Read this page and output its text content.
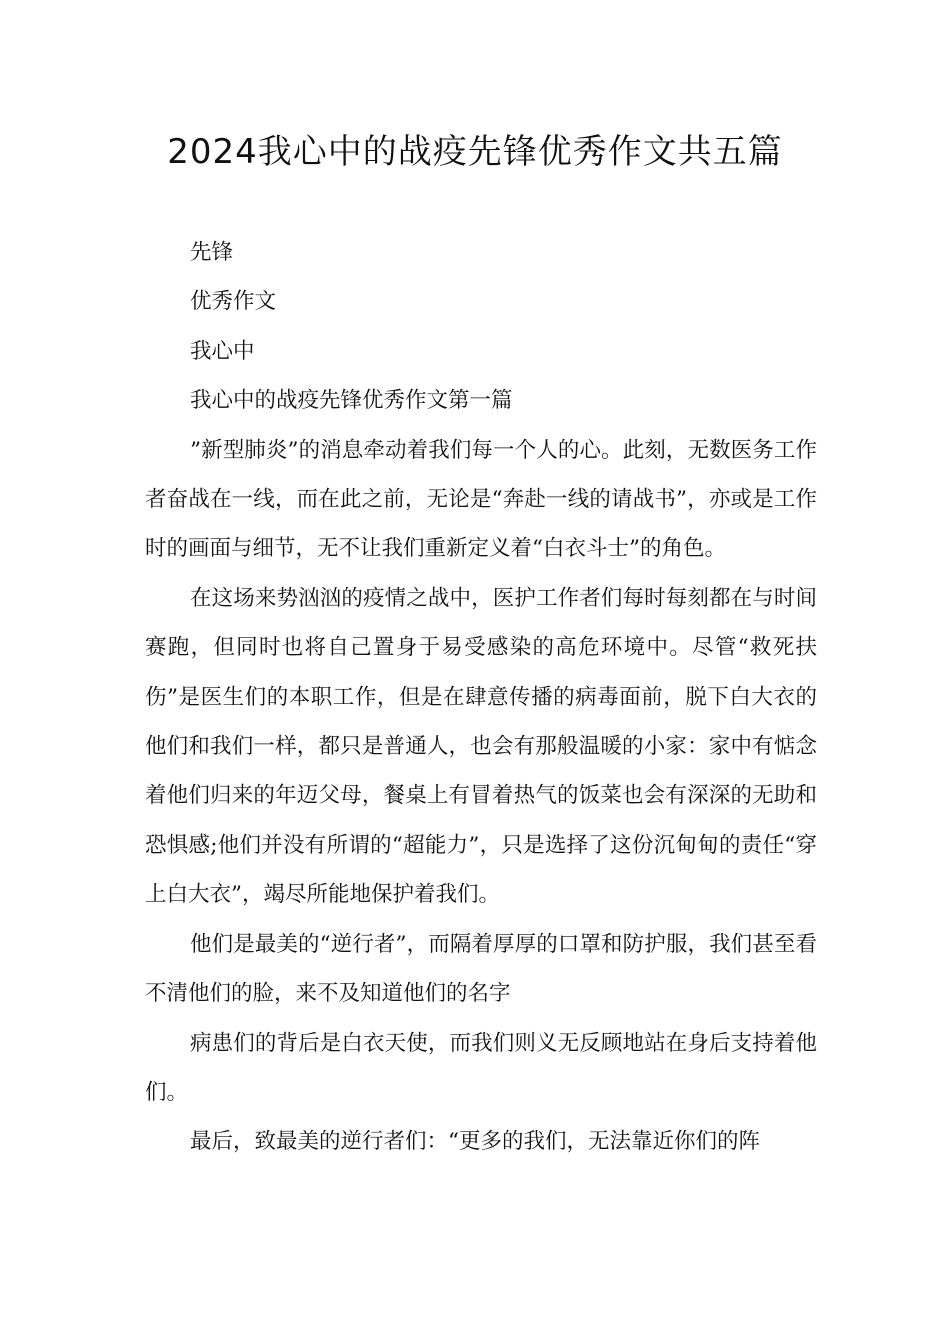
2024我心中的战疫先锋优秀作文共五篇

先锋

优秀作文

我心中

我心中的战疫先锋优秀作文第一篇

”新型肺炎”的消息牵动着我们每一个人的心。此刻，无数医务工作者奋战在一线，而在此之前，无论是“奔赴一线的请战书”，亦或是工作时的画面与细节，无不让我们重新定义着“白衣斗士”的角色。

在这场来势汹汹的疫情之战中，医护工作者们每时每刻都在与时间赛跑，但同时也将自己置身于易受感染的高危环境中。尽管“救死扶伤”是医生们的本职工作，但是在肆意传播的病毒面前，脱下白大衣的他们和我们一样，都只是普通人，也会有那般温暖的小家：家中有惦念着他们归来的年迈父母，餐桌上有冒着热气的饭菜也会有深深的无助和恐惧感;他们并没有所谓的“超能力”，只是选择了这份沉甸甸的责任“穿上白大衣”，竭尽所能地保护着我们。

他们是最美的“逆行者”，而隔着厚厚的口罩和防护服，我们甚至看不清他们的脸，来不及知道他们的名字

病患们的背后是白衣天使，而我们则义无反顾地站在身后支持着他们。

最后，致最美的逆行者们：“更多的我们，无法靠近你们的阵
